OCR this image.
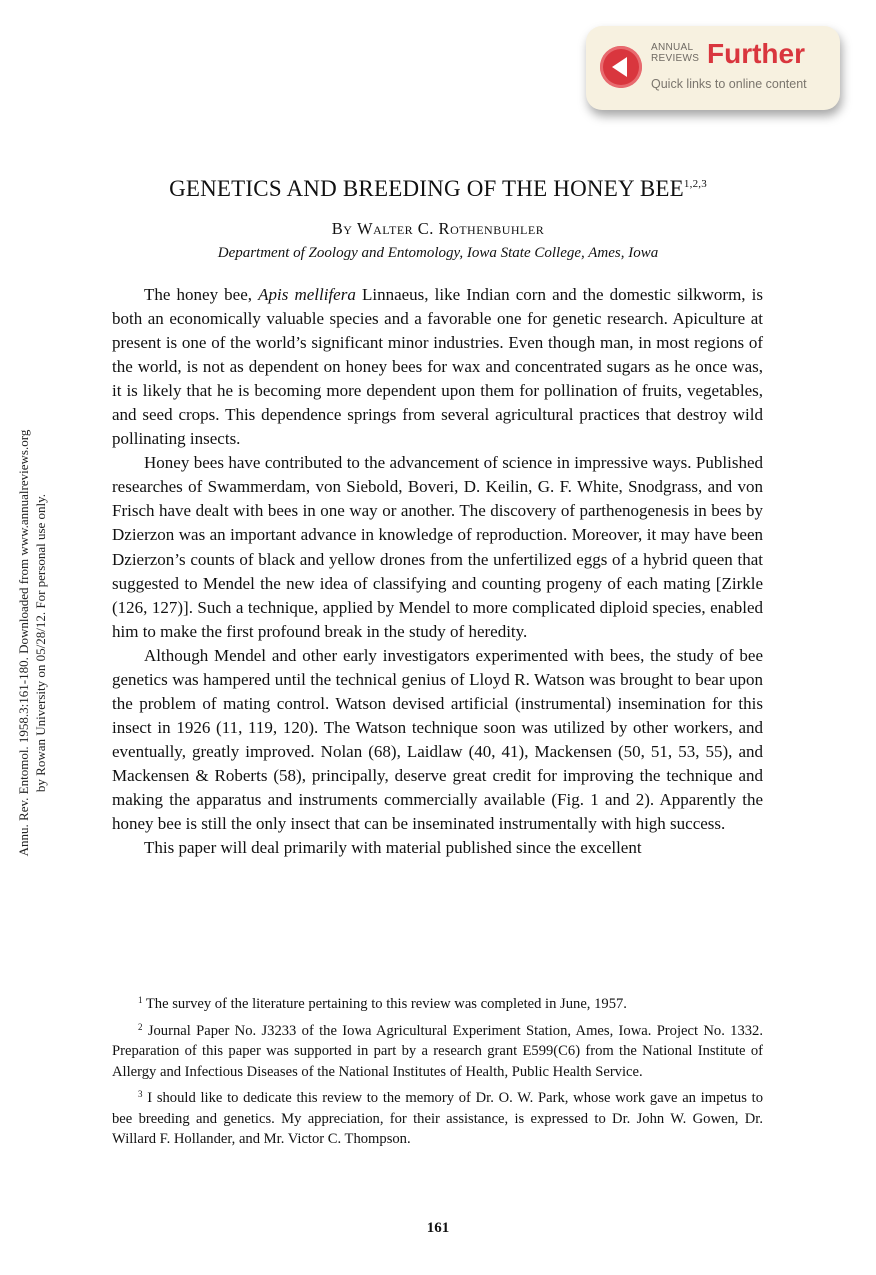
ANNUAL
REVIEWS Further
Quick links to online content
Annu. Rev. Entomol. 1958.3:161-180. Downloaded from www.annualreviews.org by Rowan University on 05/28/12. For personal use only.
GENETICS AND BREEDING OF THE HONEY BEE$^{1,2,3}$
By Walter C. Rothenbuhler
Department of Zoology and Entomology, Iowa State College, Ames, Iowa

The honey bee, Apis mellifera Linnaeus, like Indian corn and the domestic silkworm, is both an economically valuable species and a favorable one for genetic research. Apiculture at present is one of the world’s significant minor industries. Even though man, in most regions of the world, is not as dependent on honey bees for wax and concentrated sugars as he once was, it is likely that he is becoming more dependent upon them for pollination of fruits, vegetables, and seed crops. This dependence springs from several agricultural practices that destroy wild pollinating insects.

Honey bees have contributed to the advancement of science in impressive ways. Published researches of Swammerdam, von Siebold, Boveri, D. Keilin, G. F. White, Snodgrass, and von Frisch have dealt with bees in one way or another. The discovery of parthenogenesis in bees by Dzierzon was an important advance in knowledge of reproduction. Moreover, it may have been Dzierzon’s counts of black and yellow drones from the unfertilized eggs of a hybrid queen that suggested to Mendel the new idea of classifying and counting progeny of each mating [Zirkle (126, 127)]. Such a technique, applied by Mendel to more complicated diploid species, enabled him to make the first profound break in the study of heredity.

Although Mendel and other early investigators experimented with bees, the study of bee genetics was hampered until the technical genius of Lloyd R. Watson was brought to bear upon the problem of mating control. Watson devised artificial (instrumental) insemination for this insect in 1926 (11, 119, 120). The Watson technique soon was utilized by other workers, and eventually, greatly improved. Nolan (68), Laidlaw (40, 41), Mackensen (50, 51, 53, 55), and Mackensen & Roberts (58), principally, deserve great credit for improving the technique and making the apparatus and instruments commercially available (Fig. 1 and 2). Apparently the honey bee is still the only insect that can be inseminated instrumentally with high success.

This paper will deal primarily with material published since the excellent

$^1$ The survey of the literature pertaining to this review was completed in June, 1957.

$^2$ Journal Paper No. J3233 of the Iowa Agricultural Experiment Station, Ames, Iowa. Project No. 1332. Preparation of this paper was supported in part by a research grant E599(C6) from the National Institute of Allergy and Infectious Diseases of the National Institutes of Health, Public Health Service.

$^3$ I should like to dedicate this review to the memory of Dr. O. W. Park, whose work gave an impetus to bee breeding and genetics. My appreciation, for their assistance, is expressed to Dr. John W. Gowen, Dr. Willard F. Hollander, and Mr. Victor C. Thompson.

161
